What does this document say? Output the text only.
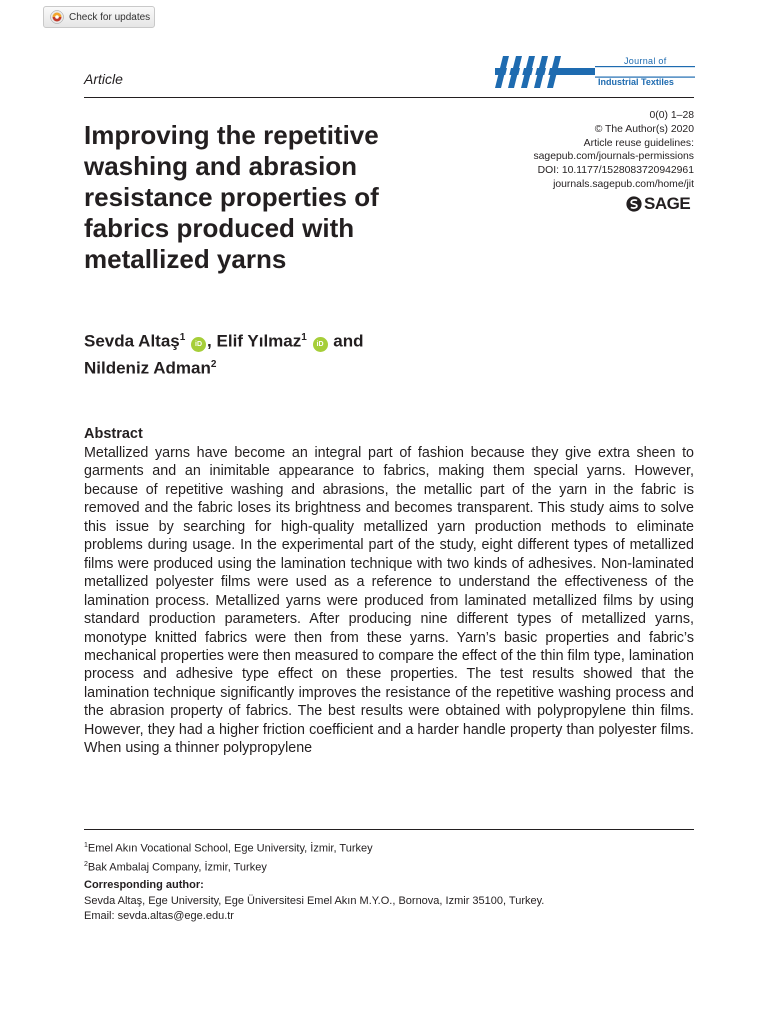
Check for updates
Article
Journal of
Industrial Textiles
0(0) 1–28
© The Author(s) 2020
Article reuse guidelines:
sagepub.com/journals-permissions
DOI: 10.1177/1528083720942961
journals.sagepub.com/home/jit
SAGE
Improving the repetitive washing and abrasion resistance properties of fabrics produced with metallized yarns
Sevda Altaş$^1$ iD , Elif Yılmaz$^1$ iD and
Nildeniz Adman$^2$
Abstract

Metallized yarns have become an integral part of fashion because they give extra sheen to garments and an inimitable appearance to fabrics, making them special yarns. However, because of repetitive washing and abrasions, the metallic part of the yarn in the fabric is removed and the fabric loses its brightness and becomes transparent. This study aims to solve this issue by searching for high-quality metallized yarn production methods to eliminate problems during usage. In the experimental part of the study, eight different types of metallized films were produced using the lamination technique with two kinds of adhesives. Non-laminated metallized polyester films were used as a reference to understand the effectiveness of the lamination process. Metallized yarns were produced from laminated metallized films by using standard production parameters. After producing nine different types of metallized yarns, monotype knitted fabrics were then from these yarns. Yarn’s basic properties and fabric’s mechanical properties were then measured to compare the effect of the thin film type, lamination process and adhesive type effect on these properties. The test results showed that the lamination technique significantly improves the resistance of the repetitive washing process and the abrasion property of fabrics. The best results were obtained with polypropylene thin films. However, they had a higher friction coefficient and a harder handle property than polyester films. When using a thinner polypropylene

$^1$Emel Akın Vocational School, Ege University, İzmir, Turkey
$^2$Bak Ambalaj Company, İzmir, Turkey
Corresponding author:
Sevda Altaş, Ege University, Ege Üniversitesi Emel Akın M.Y.O., Bornova, Izmir 35100, Turkey.
Email: sevda.altas@ege.edu.tr
